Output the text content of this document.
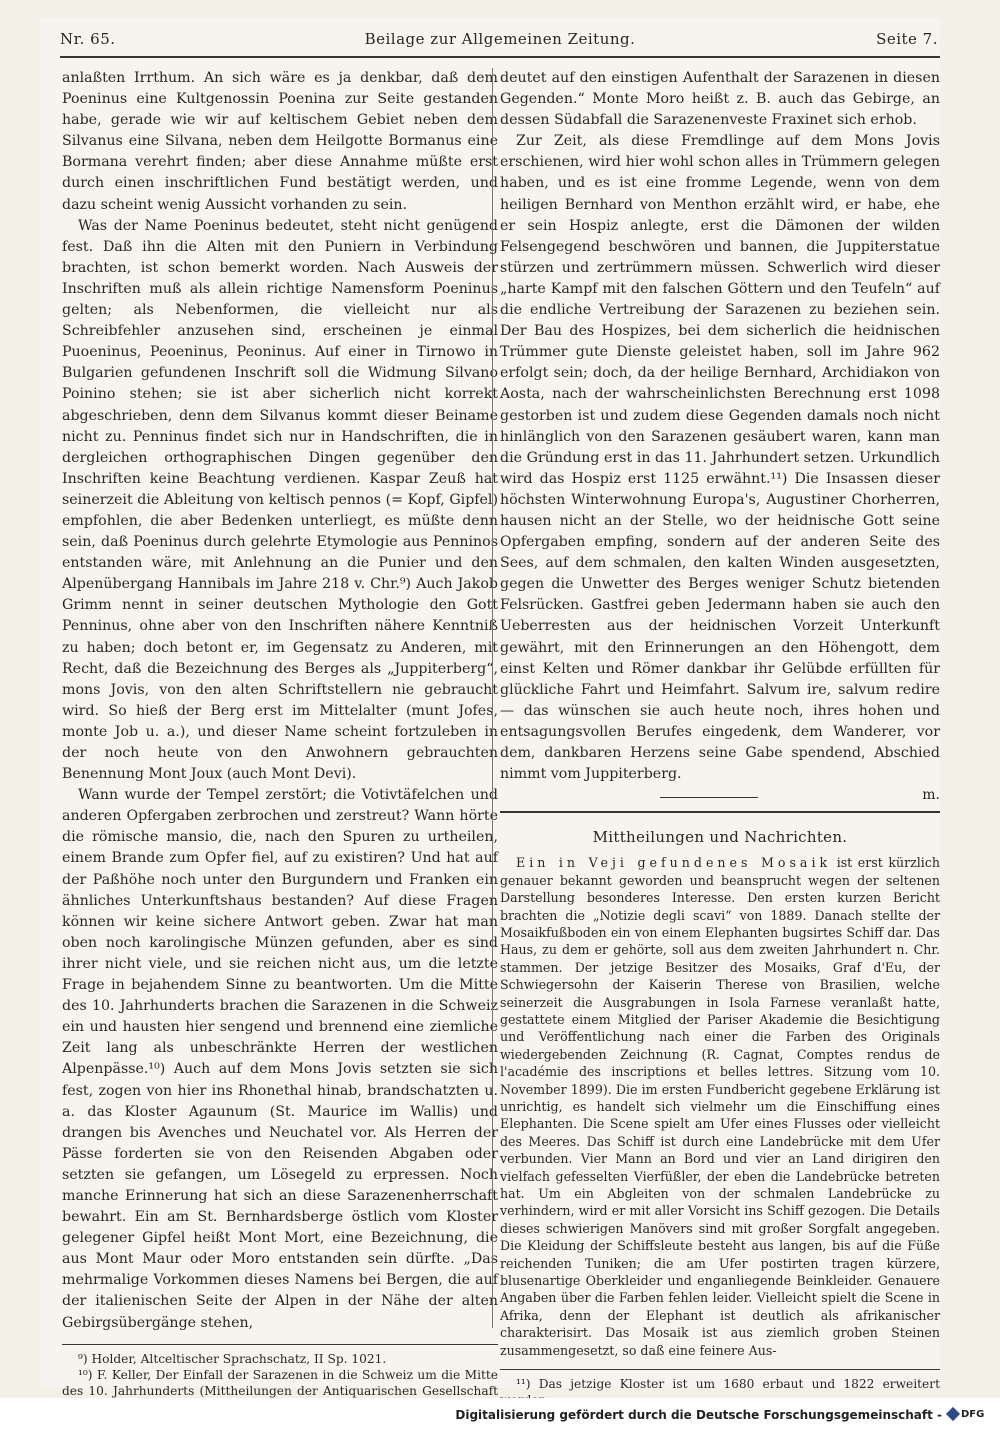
Nr. 65.	Beilage zur Allgemeinen Zeitung.	Seite 7.

anlaßten Irrthum. An sich wäre es ja denkbar, daß dem Poeninus eine Kultgenossin Poenina zur Seite gestanden habe, gerade wie wir auf keltischem Gebiet neben dem Silvanus eine Silvana, neben dem Heilgotte Bormanus eine Bormana verehrt finden; aber diese Annahme müßte erst durch einen inschriftlichen Fund bestätigt werden, und dazu scheint wenig Aussicht vorhanden zu sein.

Was der Name Poeninus bedeutet, steht nicht genügend fest. Daß ihn die Alten mit den Puniern in Verbindung brachten, ist schon bemerkt worden. Nach Ausweis der Inschriften muß als allein richtige Namensform Poeninus gelten; als Nebenformen, die vielleicht nur als Schreibfehler anzusehen sind, erscheinen je einmal Puoeninus, Peoeninus, Peoninus. Auf einer in Tirnowo in Bulgarien gefundenen Inschrift soll die Widmung Silvano Poinino stehen; sie ist aber sicherlich nicht korrekt abgeschrieben, denn dem Silvanus kommt dieser Beiname nicht zu. Penninus findet sich nur in Handschriften, die in dergleichen orthographischen Dingen gegenüber den Inschriften keine Beachtung verdienen. Kaspar Zeuß hat seinerzeit die Ableitung von keltisch pennos (= Kopf, Gipfel) empfohlen, die aber Bedenken unterliegt, es müßte denn sein, daß Poeninus durch gelehrte Etymologie aus Penninos entstanden wäre, mit Anlehnung an die Punier und den Alpenübergang Hannibals im Jahre 218 v. Chr.⁹) Auch Jakob Grimm nennt in seiner deutschen Mythologie den Gott Penninus, ohne aber von den Inschriften nähere Kenntniß zu haben; doch betont er, im Gegensatz zu Anderen, mit Recht, daß die Bezeichnung des Berges als „Juppiterberg“, mons Jovis, von den alten Schriftstellern nie gebraucht wird. So hieß der Berg erst im Mittelalter (munt Jofes, monte Job u. a.), und dieser Name scheint fortzuleben in der noch heute von den Anwohnern gebrauchten Benennung Mont Joux (auch Mont Devi).

Wann wurde der Tempel zerstört; die Votivtäfelchen und anderen Opfergaben zerbrochen und zerstreut? Wann hörte die römische mansio, die, nach den Spuren zu urtheilen, einem Brande zum Opfer fiel, auf zu existiren? Und hat auf der Paßhöhe noch unter den Burgundern und Franken ein ähnliches Unterkunftshaus bestanden? Auf diese Fragen können wir keine sichere Antwort geben. Zwar hat man oben noch karolingische Münzen gefunden, aber es sind ihrer nicht viele, und sie reichen nicht aus, um die letzte Frage in bejahendem Sinne zu beantworten. Um die Mitte des 10. Jahrhunderts brachen die Sarazenen in die Schweiz ein und hausten hier sengend und brennend eine ziemliche Zeit lang als unbeschränkte Herren der westlichen Alpenpässe.¹⁰) Auch auf dem Mons Jovis setzten sie sich fest, zogen von hier ins Rhonethal hinab, brandschatzten u. a. das Kloster Agaunum (St. Maurice im Wallis) und drangen bis Avenches und Neuchatel vor. Als Herren der Pässe forderten sie von den Reisenden Abgaben oder setzten sie gefangen, um Lösegeld zu erpressen. Noch manche Erinnerung hat sich an diese Sarazenenherrschaft bewahrt. Ein am St. Bernhardsberge östlich vom Kloster gelegener Gipfel heißt Mont Mort, eine Bezeichnung, die aus Mont Maur oder Moro entstanden sein dürfte. „Das mehrmalige Vorkommen dieses Namens bei Bergen, die auf der italienischen Seite der Alpen in der Nähe der alten Gebirgsübergänge stehen,

⁹) Holder, Altceltischer Sprachschatz, II Sp. 1021.

¹⁰) F. Keller, Der Einfall der Sarazenen in die Schweiz um die Mitte des 10. Jahrhunderts (Mittheilungen der Antiquarischen Gesellschaft

deutet auf den einstigen Aufenthalt der Sarazenen in diesen Gegenden.“ Monte Moro heißt z. B. auch das Gebirge, an dessen Südabfall die Sarazenenveste Fraxinet sich erhob.

Zur Zeit, als diese Fremdlinge auf dem Mons Jovis erschienen, wird hier wohl schon alles in Trümmern gelegen haben, und es ist eine fromme Legende, wenn von dem heiligen Bernhard von Menthon erzählt wird, er habe, ehe er sein Hospiz anlegte, erst die Dämonen der wilden Felsengegend beschwören und bannen, die Juppiterstatue stürzen und zertrümmern müssen. Schwerlich wird dieser „harte Kampf mit den falschen Göttern und den Teufeln“ auf die endliche Vertreibung der Sarazenen zu beziehen sein. Der Bau des Hospizes, bei dem sicherlich die heidnischen Trümmer gute Dienste geleistet haben, soll im Jahre 962 erfolgt sein; doch, da der heilige Bernhard, Archidiakon von Aosta, nach der wahrscheinlichsten Berechnung erst 1098 gestorben ist und zudem diese Gegenden damals noch nicht hinlänglich von den Sarazenen gesäubert waren, kann man die Gründung erst in das 11. Jahrhundert setzen. Urkundlich wird das Hospiz erst 1125 erwähnt.¹¹) Die Insassen dieser höchsten Winterwohnung Europa's, Augustiner Chorherren, hausen nicht an der Stelle, wo der heidnische Gott seine Opfergaben empfing, sondern auf der anderen Seite des Sees, auf dem schmalen, den kalten Winden ausgesetzten, gegen die Unwetter des Berges weniger Schutz bietenden Felsrücken. Gastfrei geben Jedermann haben sie auch den Ueberresten aus der heidnischen Vorzeit Unterkunft gewährt, mit den Erinnerungen an den Höhengott, dem einst Kelten und Römer dankbar ihr Gelübde erfüllten für glückliche Fahrt und Heimfahrt. Salvum ire, salvum redire — das wünschen sie auch heute noch, ihres hohen und entsagungsvollen Berufes eingedenk, dem Wanderer, vor dem, dankbaren Herzens seine Gabe spendend, Abschied nimmt vom Juppiterberg.

m.
Mittheilungen und Nachrichten.

Ein in Veji gefundenes Mosaik ist erst kürzlich genauer bekannt geworden und beansprucht wegen der seltenen Darstellung besonderes Interesse. Den ersten kurzen Bericht brachten die „Notizie degli scavi“ von 1889. Danach stellte der Mosaikfußboden ein von einem Elephanten bugsirtes Schiff dar. Das Haus, zu dem er gehörte, soll aus dem zweiten Jahrhundert n. Chr. stammen. Der jetzige Besitzer des Mosaiks, Graf d'Eu, der Schwiegersohn der Kaiserin Therese von Brasilien, welche seinerzeit die Ausgrabungen in Isola Farnese veranlaßt hatte, gestattete einem Mitglied der Pariser Akademie die Besichtigung und Veröffentlichung nach einer die Farben des Originals wiedergebenden Zeichnung (R. Cagnat, Comptes rendus de l'académie des inscriptions et belles lettres. Sitzung vom 10. November 1899). Die im ersten Fundbericht gegebene Erklärung ist unrichtig, es handelt sich vielmehr um die Einschiffung eines Elephanten. Die Scene spielt am Ufer eines Flusses oder vielleicht des Meeres. Das Schiff ist durch eine Landebrücke mit dem Ufer verbunden. Vier Mann an Bord und vier an Land dirigiren den vielfach gefesselten Vierfüßler, der eben die Landebrücke betreten hat. Um ein Abgleiten von der schmalen Landebrücke zu verhindern, wird er mit aller Vorsicht ins Schiff gezogen. Die Details dieses schwierigen Manövers sind mit großer Sorgfalt angegeben. Die Kleidung der Schiffsleute besteht aus langen, bis auf die Füße reichenden Tuniken; die am Ufer postirten tragen kürzere, blusenartige Oberkleider und enganliegende Beinkleider. Genauere Angaben über die Farben fehlen leider. Vielleicht spielt die Scene in Afrika, denn der Elephant ist deutlich als afrikanischer charakterisirt. Das Mosaik ist aus ziemlich groben Steinen zusammengesetzt, so daß eine feinere Aus-

¹¹) Das jetzige Kloster ist um 1680 erbaut und 1822 erweitert

Digitalisierung gefördert durch die Deutsche Forschungsgemeinschaft - DFG
